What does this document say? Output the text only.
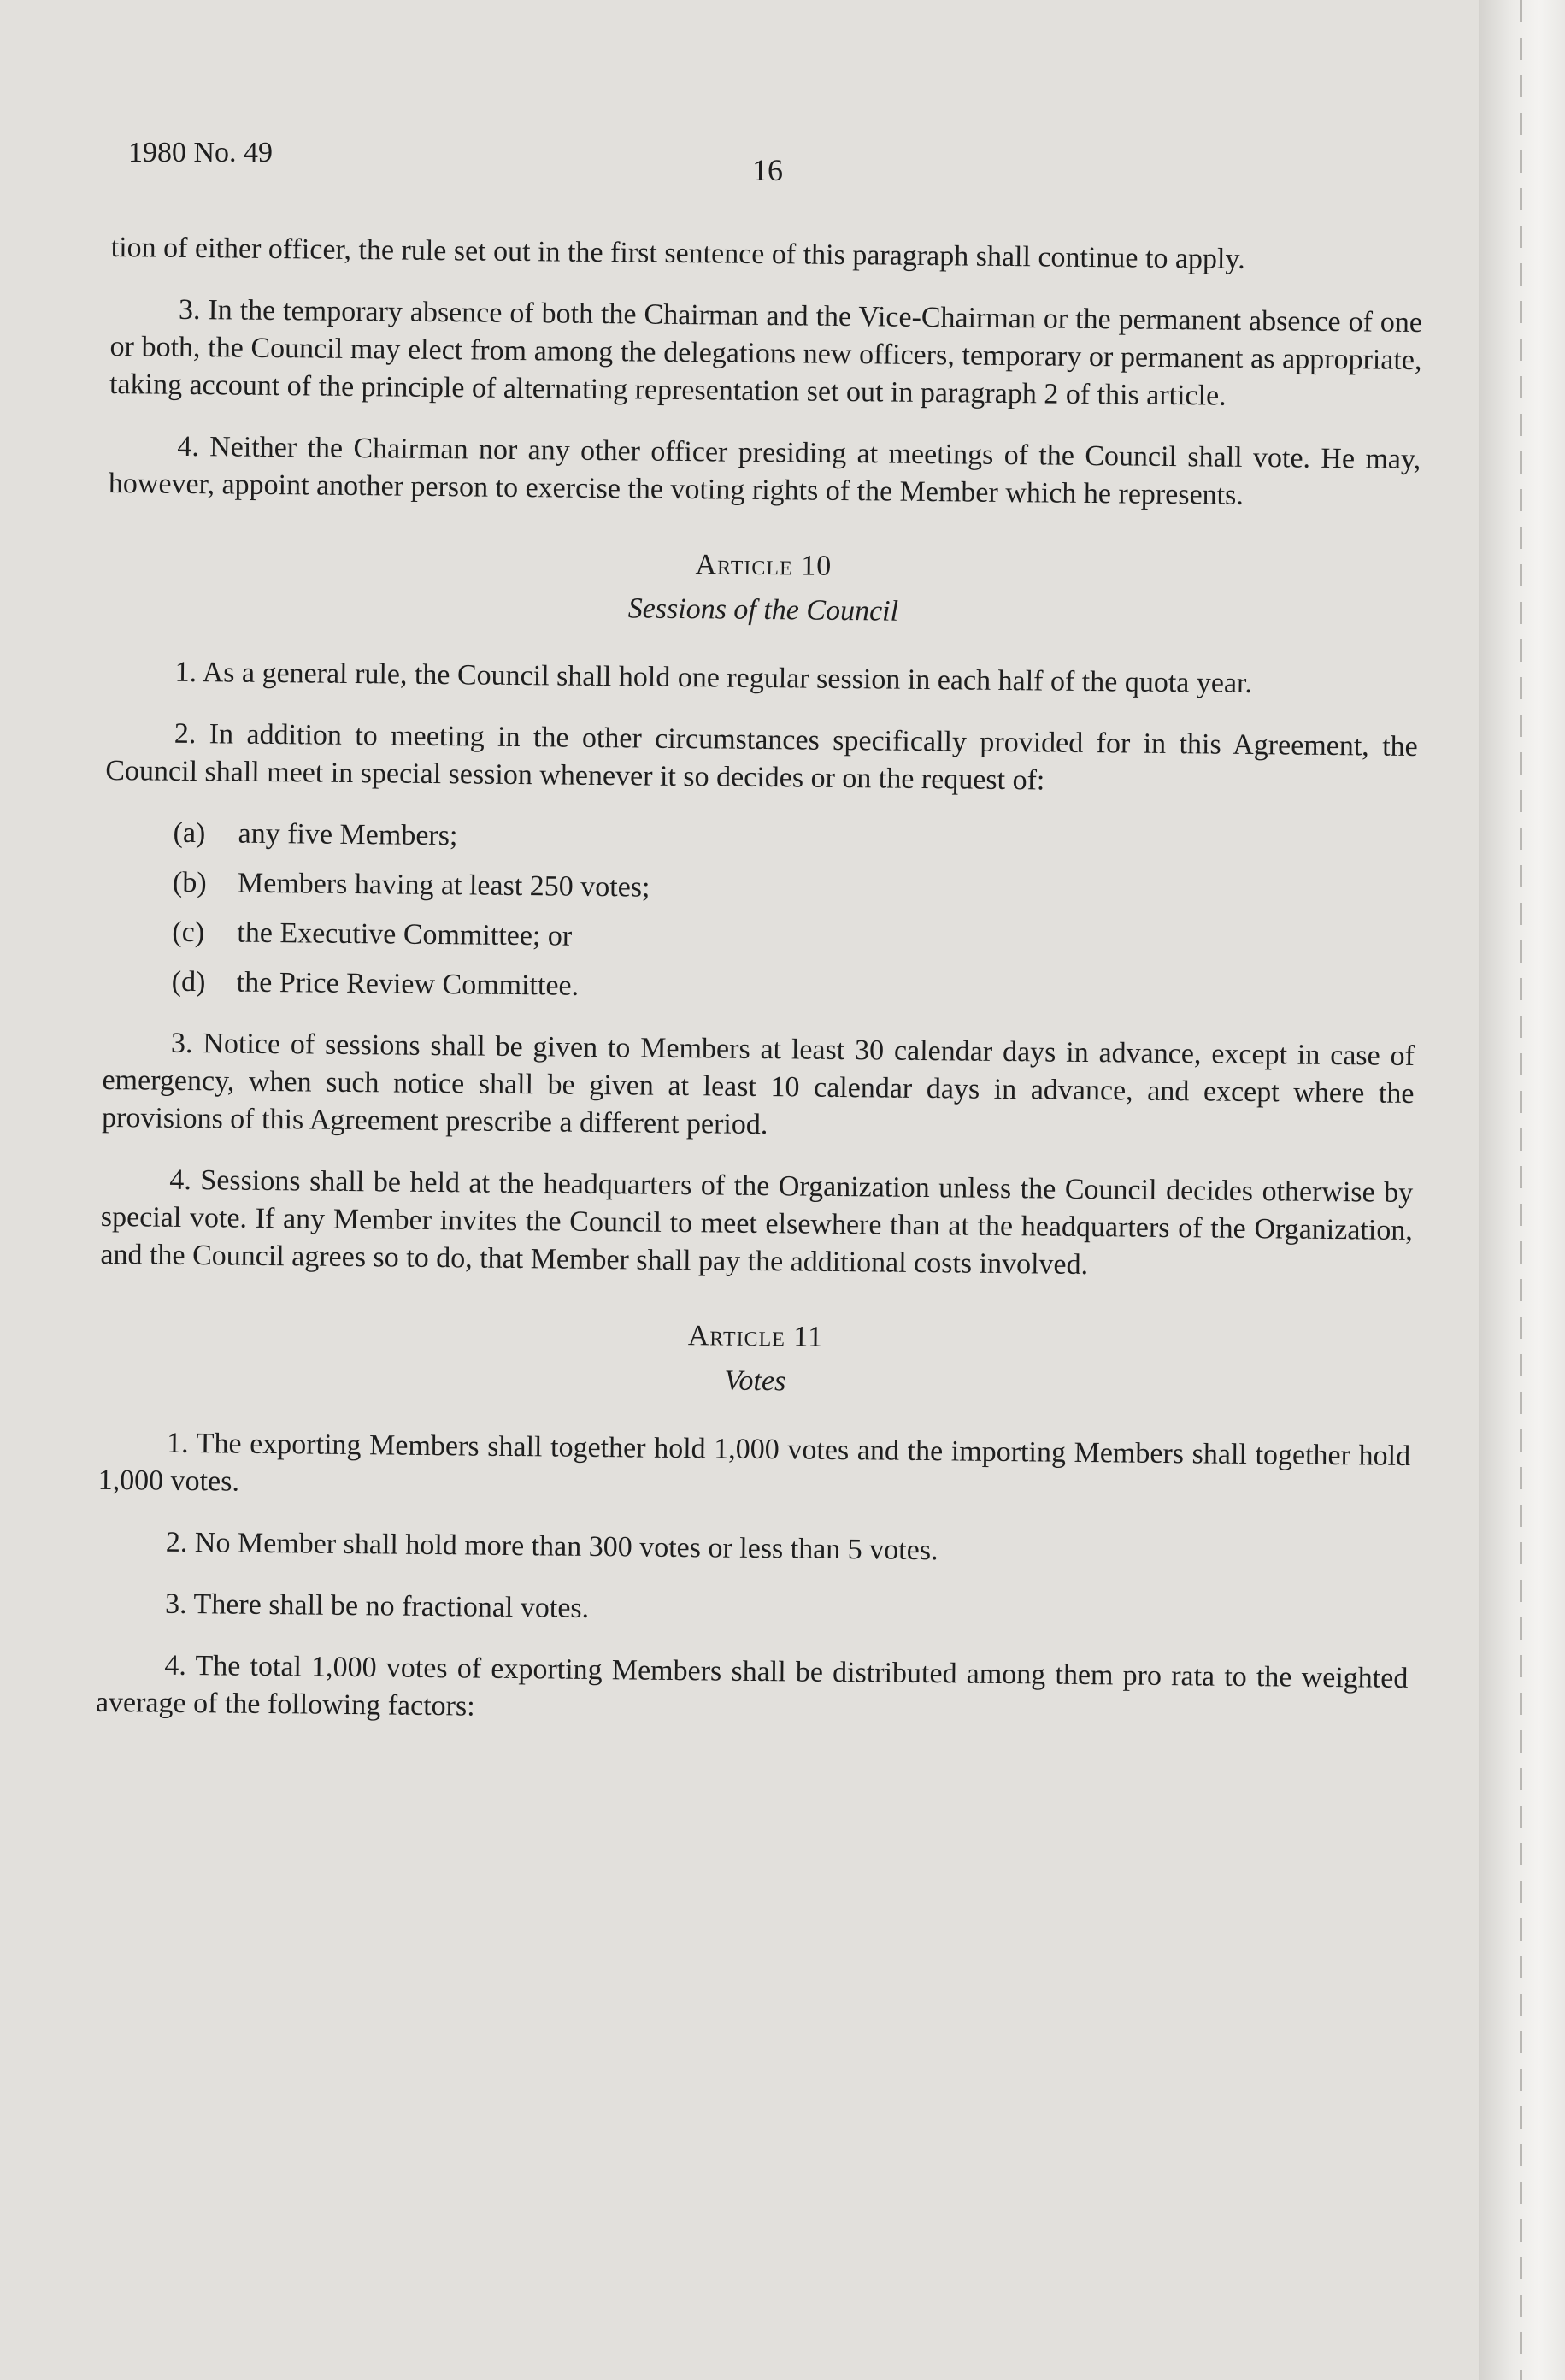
1980 No. 49
16

tion of either officer, the rule set out in the first sentence of this paragraph shall continue to apply.

3. In the temporary absence of both the Chairman and the Vice-Chairman or the permanent absence of one or both, the Council may elect from among the delegations new officers, temporary or permanent as appropriate, taking account of the principle of alternating representation set out in paragraph 2 of this article.

4. Neither the Chairman nor any other officer presiding at meetings of the Council shall vote. He may, however, appoint another person to exercise the voting rights of the Member which he represents.

Article 10
Sessions of the Council

1. As a general rule, the Council shall hold one regular session in each half of the quota year.

2. In addition to meeting in the other circumstances specifically provided for in this Agreement, the Council shall meet in special session whenever it so decides or on the request of:

(a) any five Members;
(b) Members having at least 250 votes;
(c) the Executive Committee; or
(d) the Price Review Committee.

3. Notice of sessions shall be given to Members at least 30 calendar days in advance, except in case of emergency, when such notice shall be given at least 10 calendar days in advance, and except where the provisions of this Agreement prescribe a different period.

4. Sessions shall be held at the headquarters of the Organization unless the Council decides otherwise by special vote. If any Member invites the Council to meet elsewhere than at the headquarters of the Organization, and the Council agrees so to do, that Member shall pay the additional costs involved.

Article 11
Votes

1. The exporting Members shall together hold 1,000 votes and the importing Members shall together hold 1,000 votes.

2. No Member shall hold more than 300 votes or less than 5 votes.

3. There shall be no fractional votes.

4. The total 1,000 votes of exporting Members shall be distributed among them pro rata to the weighted average of the following factors:
